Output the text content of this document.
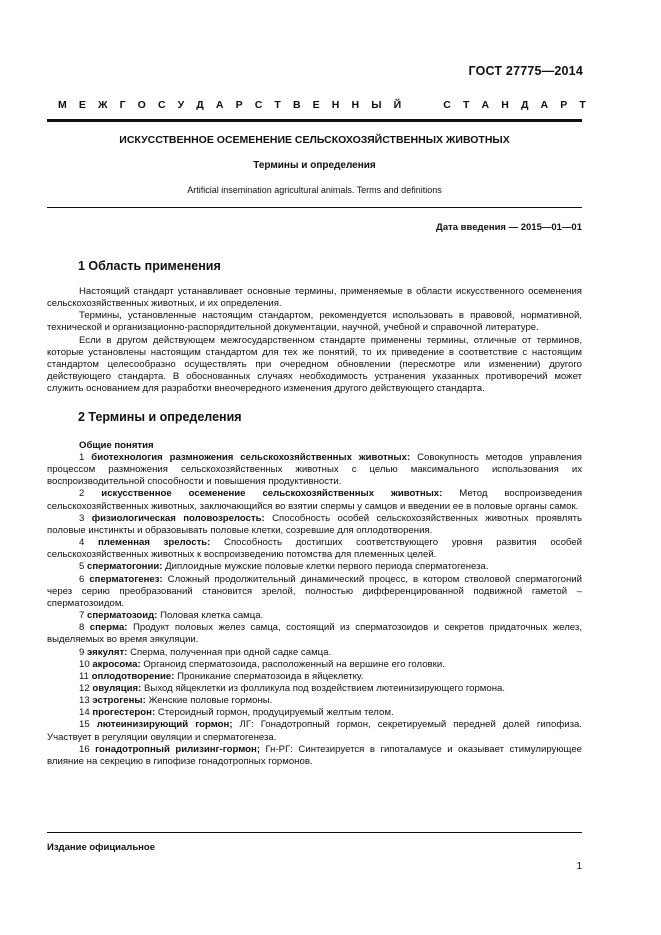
ГОСТ 27775—2014
М Е Ж Г О С У Д А Р С Т В Е Н Н Ы Й

	С Т А Н Д А Р Т
ИСКУССТВЕННОЕ ОСЕМЕНЕНИЕ СЕЛЬСКОХОЗЯЙСТВЕННЫХ ЖИВОТНЫХ
Термины и определения
Artificial insemination agricultural animals. Terms and definitions
Дата введения — 2015—01—01
1 Область применения

Настоящий стандарт устанавливает основные термины, применяемые в области искусственного осеменения сельскохозяйственных животных, и их определения.

Термины, установленные настоящим стандартом, рекомендуется использовать в правовой, нормативной, технической и организационно-распорядительной документации, научной, учебной и справочной литературе.

Если в другом действующем межгосударственном стандарте применены термины, отличные от терминов, которые установлены настоящим стандартом для тех же понятий, то их приведение в соответствие с настоящим стандартом целесообразно осуществлять при очередном обновлении (пересмотре или изменении) другого действующего стандарта. В обоснованных случаях необходимость устранения указанных противоречий может служить основанием для разработки внеочередного изменения другого действующего стандарта.

2 Термины и определения
Общие понятия

1 биотехнология размножения сельскохозяйственных животных: Совокупность методов управления процессом размножения сельскохозяйственных животных с целью максимального использования их воспроизводительной способности и повышения продуктивности.

2 искусственное осеменение сельскохозяйственных животных: Метод воспроизведения сельскохозяйственных животных, заключающийся во взятии спермы у самцов и введении ее в половые органы самок.

3 физиологическая половозрелость: Способность особей сельскохозяйственных животных проявлять половые инстинкты и образовывать половые клетки, созревшие для оплодотворения.

4 племенная зрелость: Способность достигших соответствующего уровня развития особей сельскохозяйственных животных к воспроизведению потомства для племенных целей.

5 сперматогонии: Диплоидные мужские половые клетки первого периода сперматогенеза.

6 сперматогенез: Сложный продолжительный динамический процесс, в котором стволовой сперматогоний через серию преобразований становится зрелой, полностью дифференцированной подвижной гаметой – сперматозоидом.

7 сперматозоид: Половая клетка самца.

8 сперма: Продукт половых желез самца, состоящий из сперматозоидов и секретов придаточных желез, выделяемых во время эякуляции.

9 эякулят: Сперма, полученная при одной садке самца.

10 акросома: Органоид сперматозоида, расположенный на вершине его головки.

11 оплодотворение: Проникание сперматозоида в яйцеклетку.

12 овуляция: Выход яйцеклетки из фолликула под воздействием лютеинизирующего гормона.

13 эстрогены: Женские половые гормоны.

14 прогестерон: Стероидный гормон, продуцируемый желтым телом.

15 лютеинизирующий гормон; ЛГ: Гонадотропный гормон, секретируемый передней долей гипофиза. Участвует в регуляции овуляции и сперматогенеза.

16 гонадотропный рилизинг-гормон; Гн-РГ: Синтезируется в гипоталамусе и оказывает стимулирующее влияние на секрецию в гипофизе гонадотропных гормонов.

Издание официальное
1
